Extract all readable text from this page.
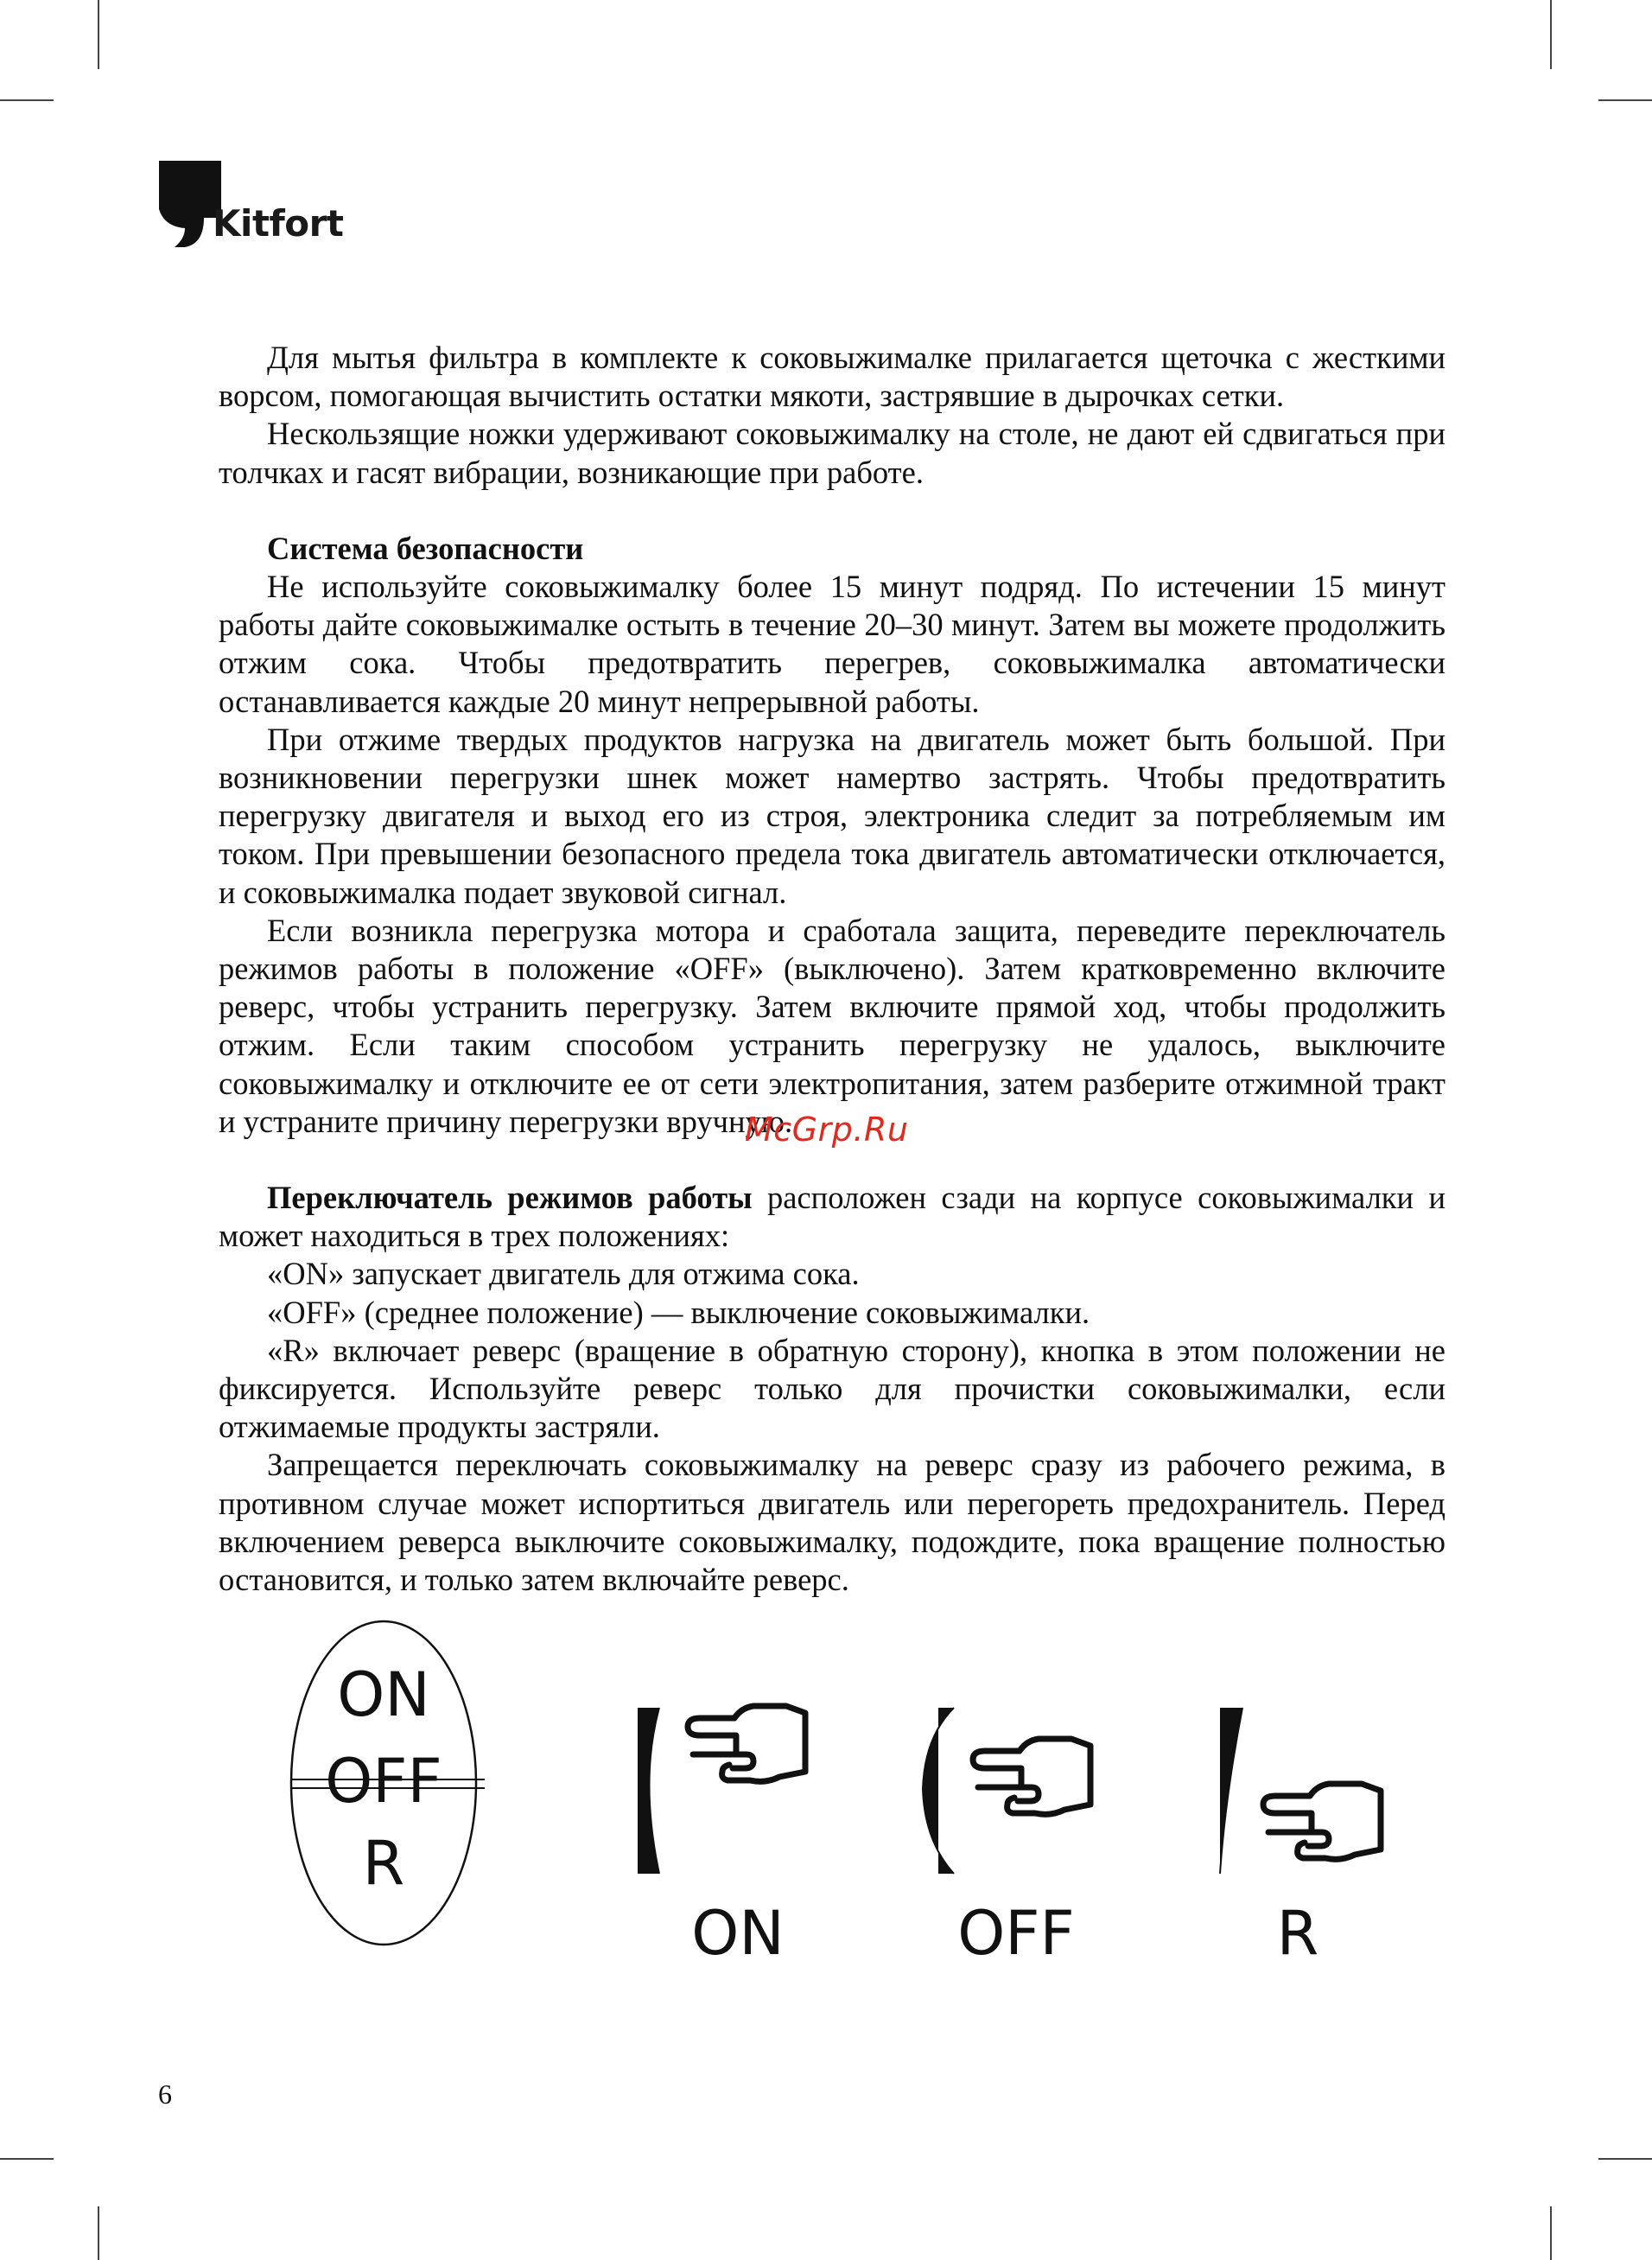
Kitfort

Для мытья фильтра в комплекте к соковыжималке прилагается щеточка с жесткими ворсом, помогающая вычистить остатки мякоти, застрявшие в дырочках сетки.

Нескользящие ножки удерживают соковыжималку на столе, не дают ей сдвигаться при толчках и гасят вибрации, возникающие при работе.

Система безопасности

Не используйте соковыжималку более 15 минут подряд. По истечении 15 минут работы дайте соковыжималке остыть в течение 20–30 минут. Затем вы можете продолжить отжим сока. Чтобы предотвратить перегрев, соковыжималка автоматически останавливается каждые 20 минут непрерывной работы.

При отжиме твердых продуктов нагрузка на двигатель может быть большой. При возникновении перегрузки шнек может намертво застрять. Чтобы предотвратить перегрузку двигателя и выход его из строя, электроника следит за потребляемым им током. При превышении безопасного предела тока двигатель автоматически отключается, и соковыжималка подает звуковой сигнал.

Если возникла перегрузка мотора и сработала защита, переведите переключатель режимов работы в положение «OFF» (выключено). Затем кратковременно включите реверс, чтобы устранить перегрузку. Затем включите прямой ход, чтобы продолжить отжим. Если таким способом устранить перегрузку не удалось, выключите соковыжималку и отключите ее от сети электропитания, затем разберите отжимной тракт и устраните причину перегрузки вручную.

Переключатель режимов работы расположен сзади на корпусе соковыжималки и может находиться в трех положениях:

«ON» запускает двигатель для отжима сока.

«OFF» (среднее положение) — выключение соковыжималки.

«R» включает реверс (вращение в обратную сторону), кнопка в этом положении не фиксируется. Используйте реверс только для прочистки соковыжималки, если отжимаемые продукты застряли.

Запрещается переключать соковыжималку на реверс сразу из рабочего режима, в противном случае может испортиться двигатель или перегореть предохранитель. Перед включением реверса выключите соковыжималку, подождите, пока вращение полностью остановится, и только затем включайте реверс.

McGrp.Ru
ON
OFF
R
ON	OFF	R
6
